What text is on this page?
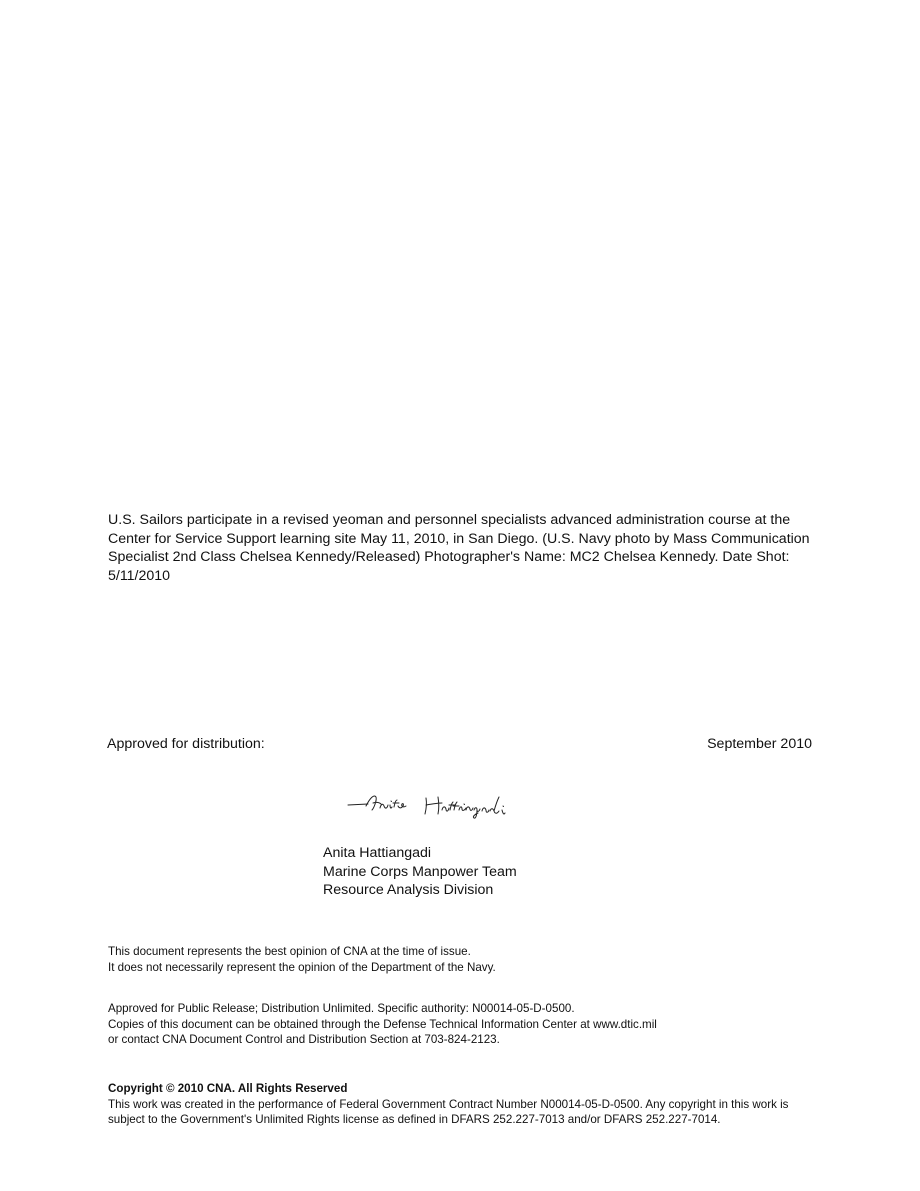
U.S. Sailors participate in a revised yeoman and personnel specialists advanced administration course at the Center for Service Support learning site May 11, 2010, in San Diego. (U.S. Navy photo by Mass Communication Specialist 2nd Class Chelsea Kennedy/Released) Photographer's Name: MC2 Chelsea Kennedy. Date Shot: 5/11/2010
Approved for distribution:	September 2010
Anita Hattiangadi
Marine Corps Manpower Team
Resource Analysis Division
This document represents the best opinion of CNA at the time of issue.
It does not necessarily represent the opinion of the Department of the Navy.
Approved for Public Release; Distribution Unlimited. Specific authority: N00014-05-D-0500.
Copies of this document can be obtained through the Defense Technical Information Center at www.dtic.mil
or contact CNA Document Control and Distribution Section at 703-824-2123.
Copyright © 2010 CNA. All Rights Reserved
This work was created in the performance of Federal Government Contract Number N00014-05-D-0500. Any copyright in this work is subject to the Government's Unlimited Rights license as defined in DFARS 252.227-7013 and/or DFARS 252.227-7014.
